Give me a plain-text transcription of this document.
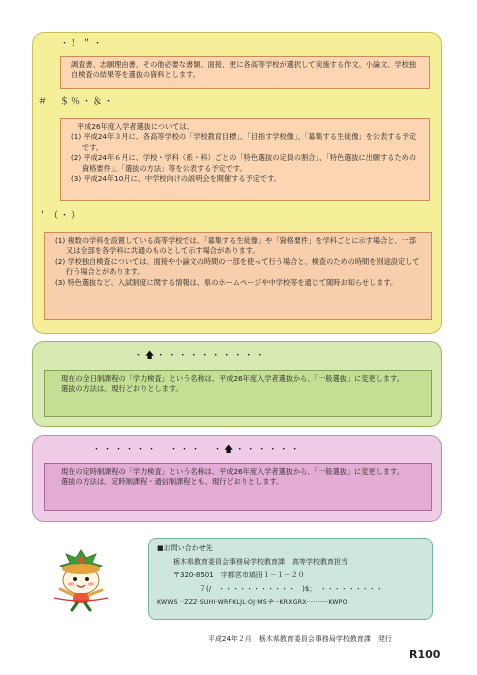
・！＂・

調査書、志願理由書、その他必要な書類、面接、更に各高等学校が選択して実施する作文、小論文、学校独自検査の結果等を選抜の資料とします。

＃　＄％・＆・

平成26年度入学者選抜については、

(1) 平成24年３月に、各高等学校の「学校教育目標」、「目指す学校像」、「募集する生徒像」を公表する予定です。

(2) 平成24年６月に、学校・学科（系・科）ごとの「特色選抜の定員の割合」、「特色選抜に出願するための資格要件」、「選抜の方法」等を公表する予定です。

(3) 平成24年10月に、中学校向けの説明会を開催する予定です。

＇（・）

(1) 複数の学科を設置している高等学校では、「募集する生徒像」や「資格要件」を学科ごとに示す場合と、一部又は全部を各学科に共通のものとして示す場合があります。

(2) 学校独自検査については、面接や小論文の時間の一部を使って行う場合と、検査のための時間を別途設定して行う場合とがあります。

(3) 特色選抜など、入試制度に関する情報は、県のホームページや中学校等を通じて随時お知らせします。

・🡅・・・・・・・・・・

現在の全日制課程の「学力検査」という名称は、平成26年度入学者選抜から、「一般選抜」に変更します。

選抜の方法は、現行どおりとします。

・・・・・・　・・・　・🡅・・・・・・

現在の定時制課程の「学力検査」という名称は、平成26年度入学者選抜から、「一般選抜」に変更します。

選抜の方法は、定時制課程・通信制課程とも、現行どおりとします。

■お問い合わせ先

栃木県教育委員会事務局学校教育課　高等学校教育担当

〒320-8501　宇都宮市塙田１－１－２０

７(/　・・・・・・・・・・・　)$；　・・・・・・・・・

KWWS ··ZZZ·SUHI·WRFKLJL·OJ·MS·P···KRXGRX··········KWPO

平成24年２月　栃木県教育委員会事務局学校教育課　発行
R100
